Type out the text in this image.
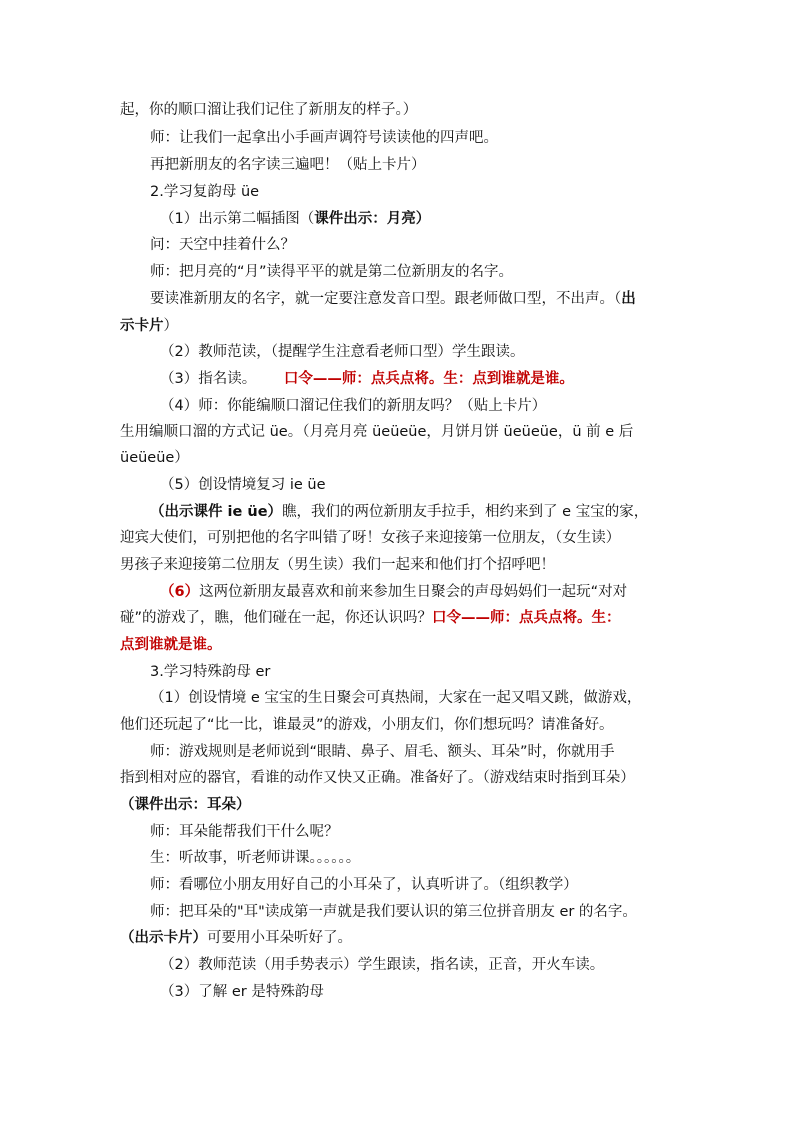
起，你的顺口溜让我们记住了新朋友的样子。）
师：让我们一起拿出小手画声调符号读读他的四声吧。
再把新朋友的名字读三遍吧！（贴上卡片）
2.学习复韵母 üe
（1）出示第二幅插图（课件出示：月亮）
问：天空中挂着什么？
师：把月亮的“月”读得平平的就是第二位新朋友的名字。
要读准新朋友的名字，就一定要注意发音口型。跟老师做口型，不出声。（出
示卡片）
（2）教师范读，（提醒学生注意看老师口型）学生跟读。
（3）指名读。      口令——师：点兵点将。生：点到谁就是谁。
（4）师：你能编顺口溜记住我们的新朋友吗？（贴上卡片）
生用编顺口溜的方式记 üe。（月亮月亮 üeüeüe，月饼月饼 üeüeüe，ü 前 e 后
üeüeüe）
（5）创设情境复习 ie üe
（出示课件 ie üe）瞧，我们的两位新朋友手拉手，相约来到了 e 宝宝的家，
迎宾大使们，可别把他的名字叫错了呀！女孩子来迎接第一位朋友，（女生读）
男孩子来迎接第二位朋友（男生读）我们一起来和他们打个招呼吧！
（6）这两位新朋友最喜欢和前来参加生日聚会的声母妈妈们一起玩“对对
碰”的游戏了，瞧，他们碰在一起，你还认识吗？口令——师：点兵点将。生：
点到谁就是谁。
3.学习特殊韵母 er
（1）创设情境 e 宝宝的生日聚会可真热闹，大家在一起又唱又跳，做游戏，
他们还玩起了“比一比，谁最灵”的游戏，小朋友们，你们想玩吗？请准备好。
师：游戏规则是老师说到“眼睛、鼻子、眉毛、额头、耳朵”时，你就用手
指到相对应的器官，看谁的动作又快又正确。准备好了。（游戏结束时指到耳朵）
（课件出示：耳朵）
师：耳朵能帮我们干什么呢？
生：听故事，听老师讲课。。。。。。
师：看哪位小朋友用好自己的小耳朵了，认真听讲了。（组织教学）
师：把耳朵的"耳"读成第一声就是我们要认识的第三位拼音朋友 er 的名字。
（出示卡片）可要用小耳朵听好了。
（2）教师范读（用手势表示）学生跟读，指名读，正音，开火车读。
（3）了解 er 是特殊韵母
